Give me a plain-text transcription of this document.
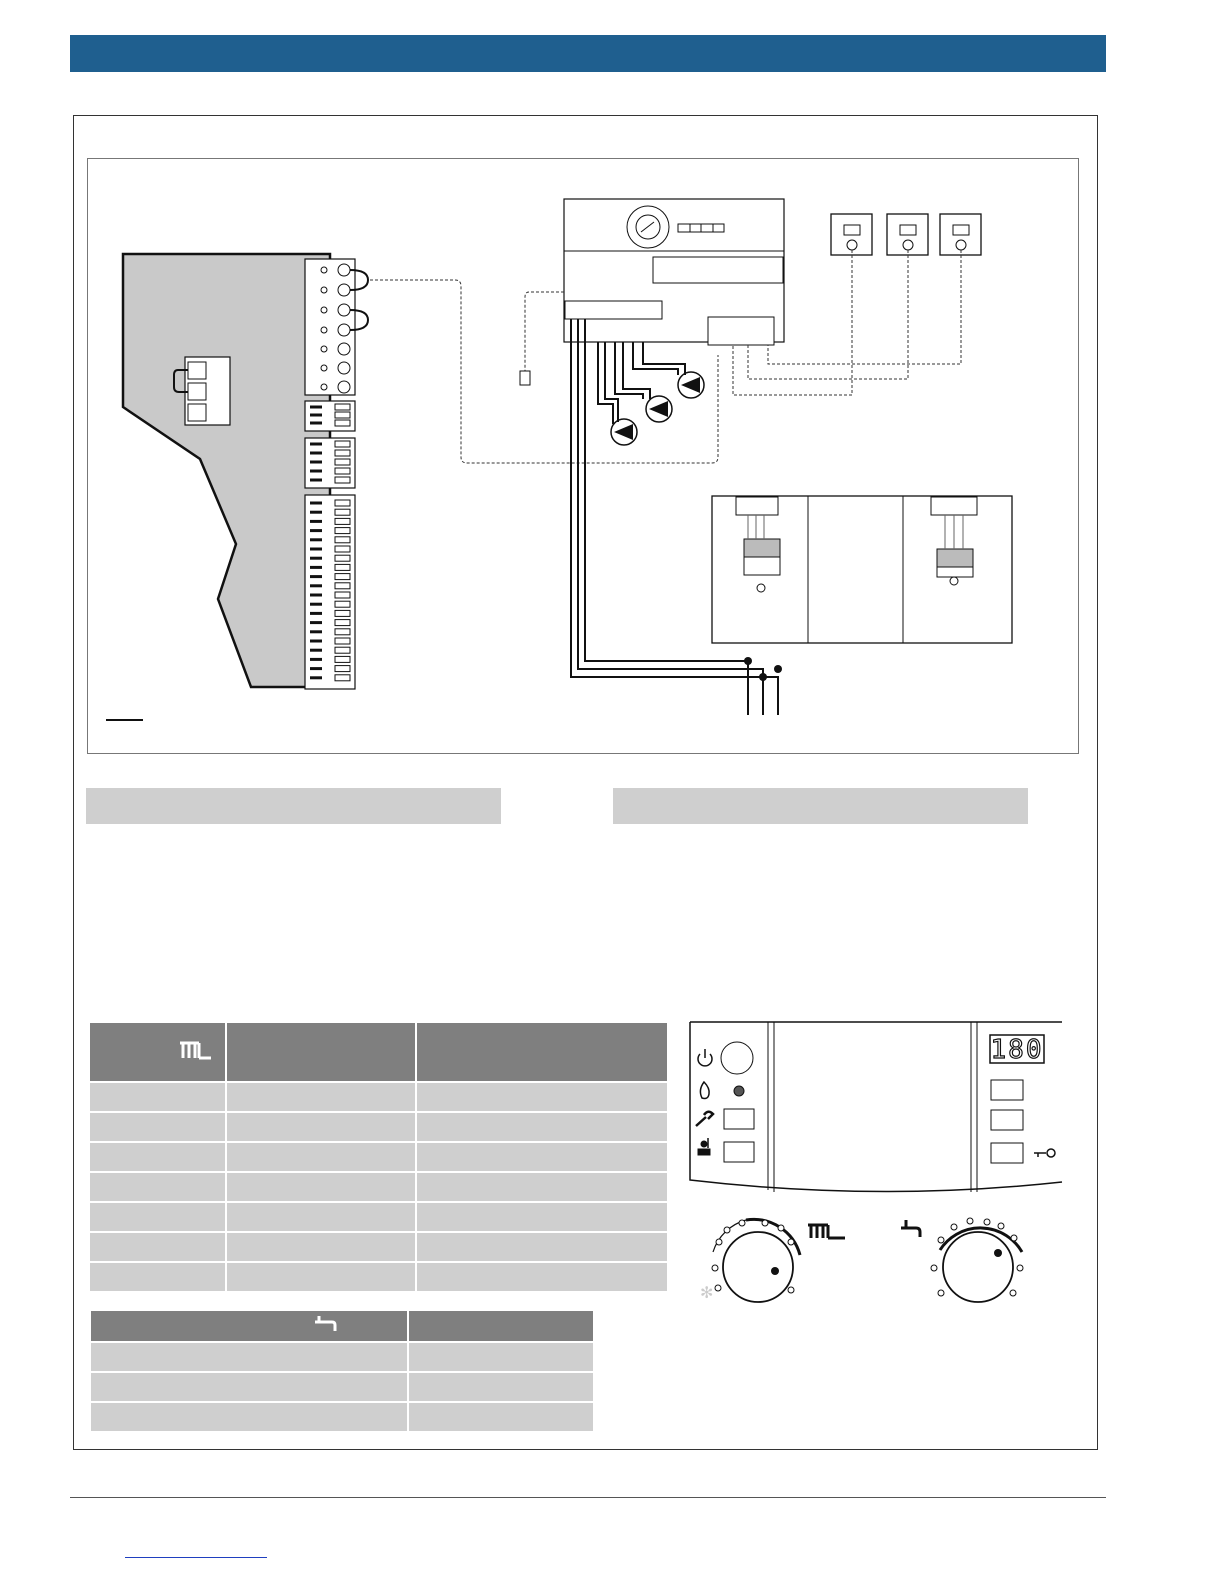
180
✻
